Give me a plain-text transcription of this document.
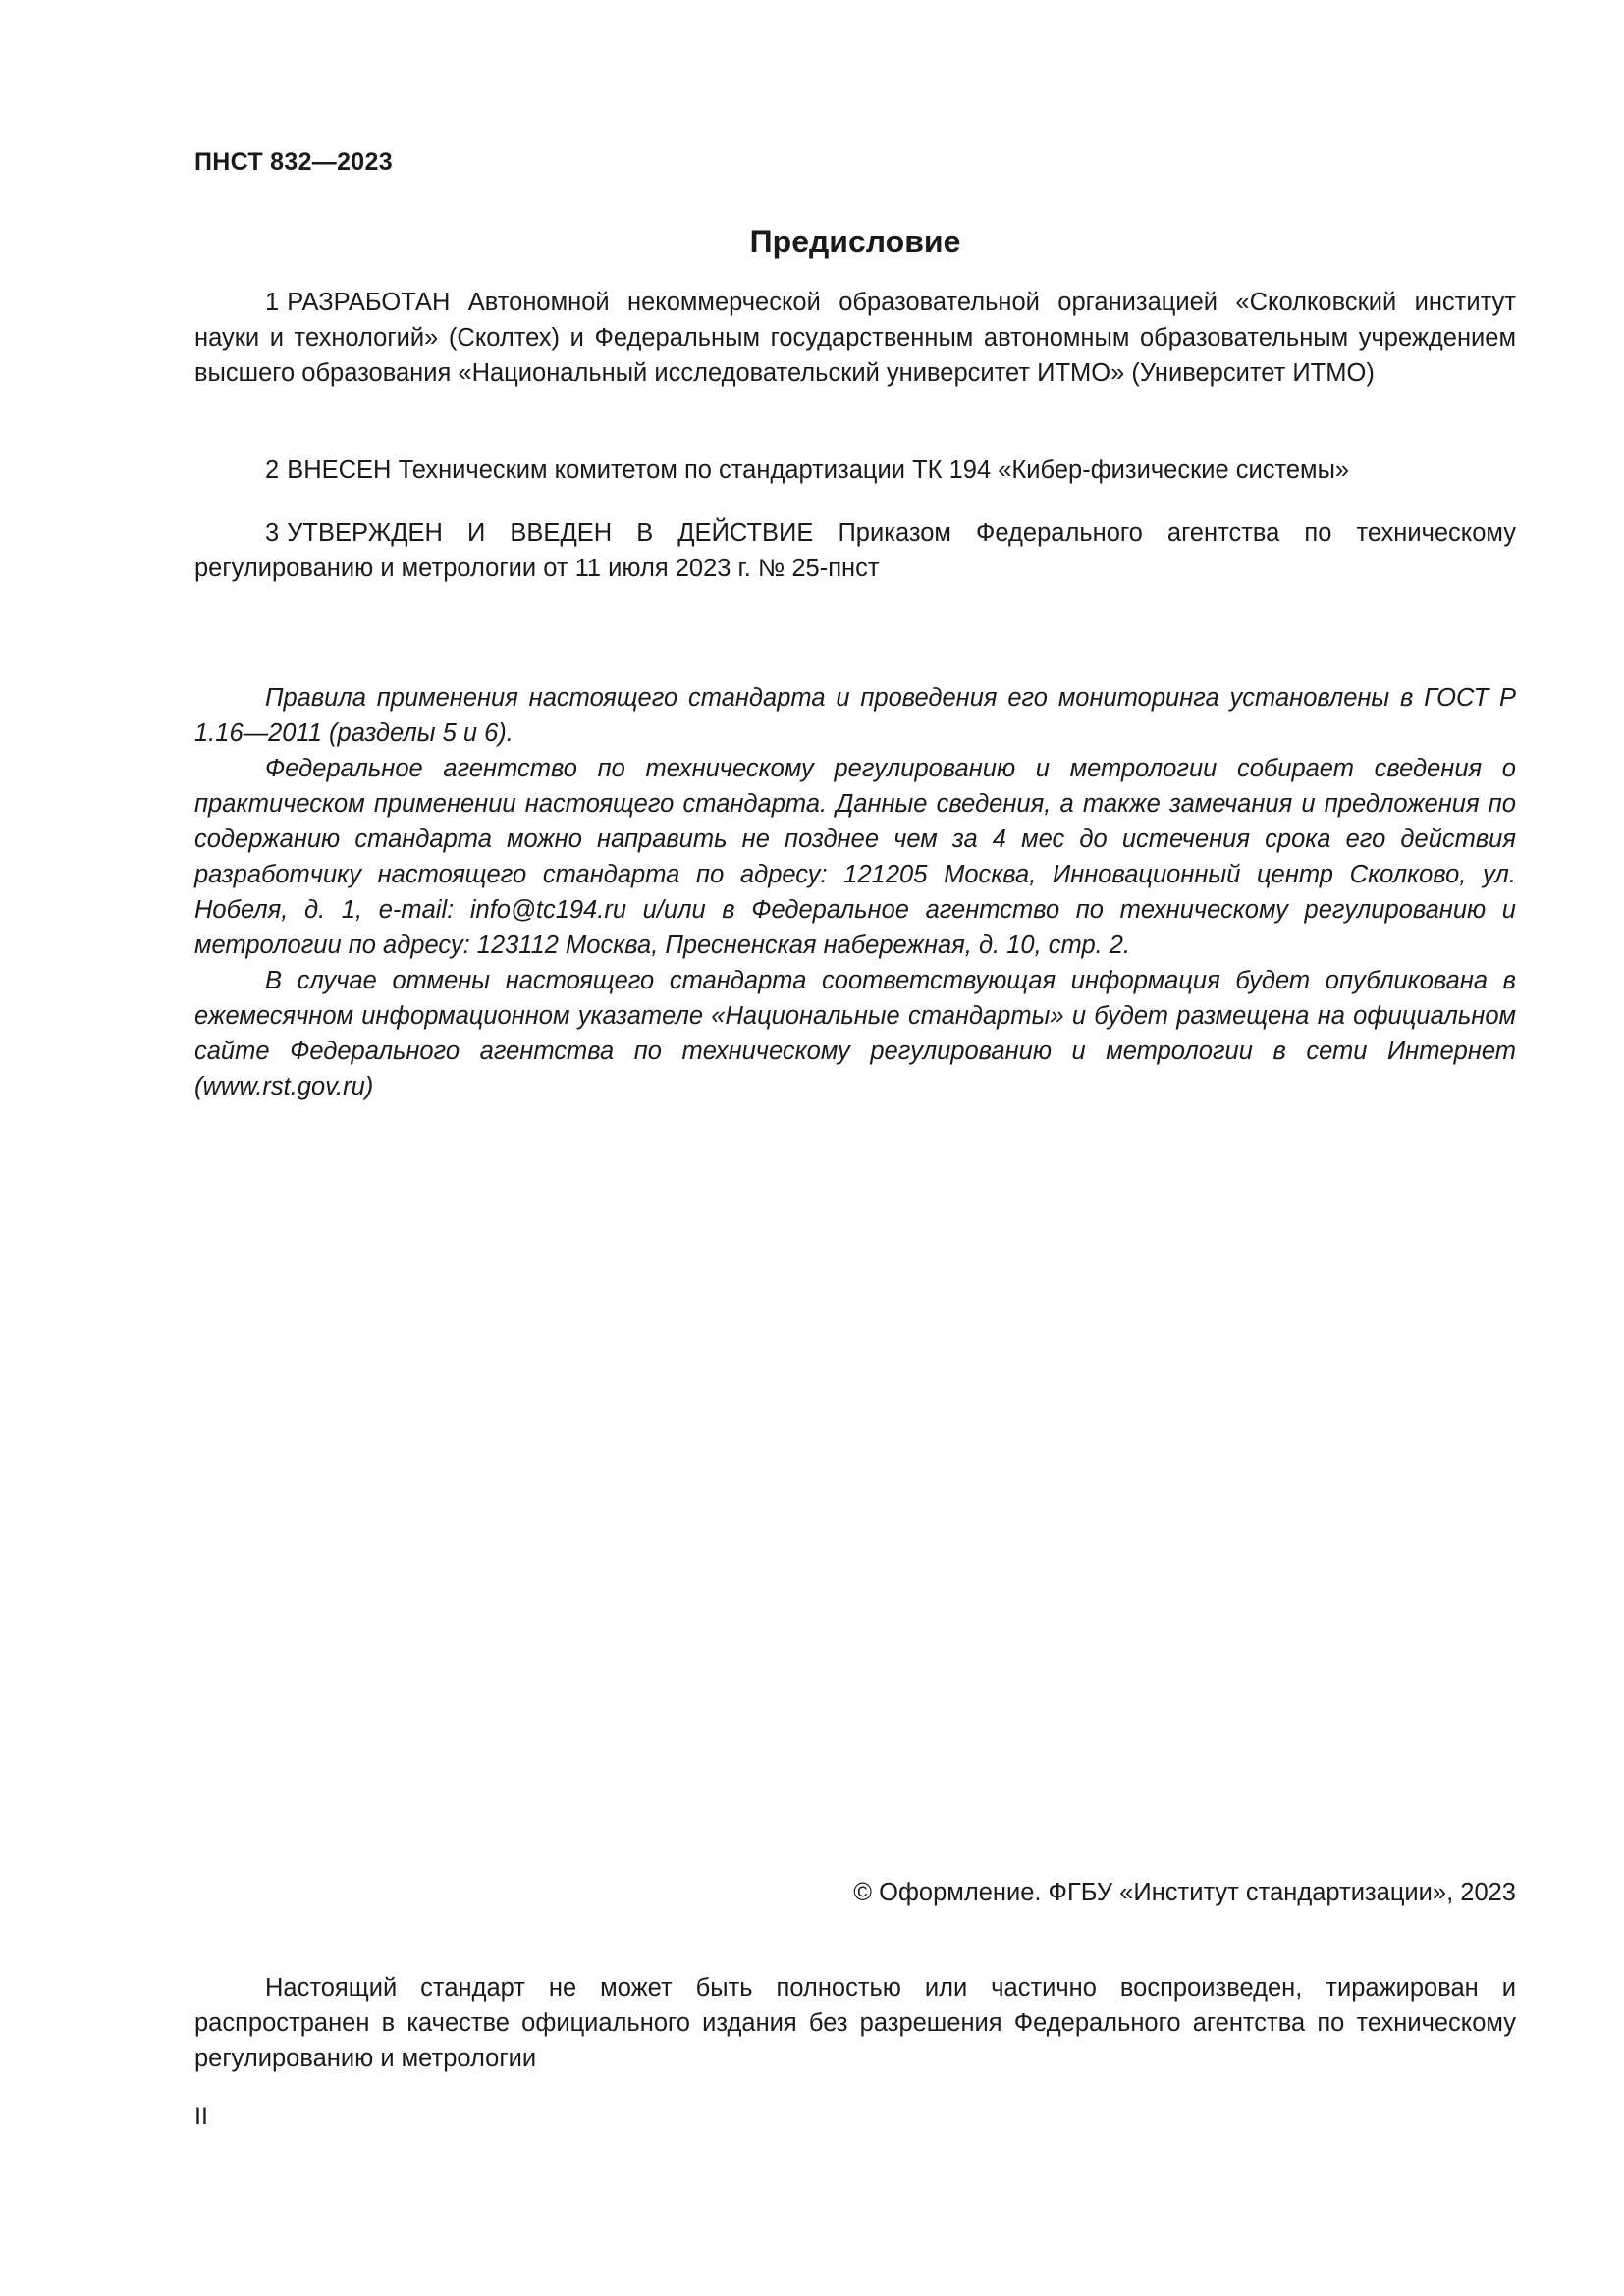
ПНСТ 832—2023
Предисловие

1 РАЗРАБОТАН Автономной некоммерческой образовательной организацией «Сколковский институт науки и технологий» (Сколтех) и Федеральным государственным автономным образовательным учреждением высшего образования «Национальный исследовательский университет ИТМО» (Университет ИТМО)

2 ВНЕСЕН Техническим комитетом по стандартизации ТК 194 «Кибер-физические системы»

3 УТВЕРЖДЕН И ВВЕДЕН В ДЕЙСТВИЕ Приказом Федерального агентства по техническому регулированию и метрологии от 11 июля 2023 г. № 25-пнст

Правила применения настоящего стандарта и проведения его мониторинга установлены в ГОСТ Р 1.16—2011 (разделы 5 и 6).

Федеральное агентство по техническому регулированию и метрологии собирает сведения о практическом применении настоящего стандарта. Данные сведения, а также замечания и предложения по содержанию стандарта можно направить не позднее чем за 4 мес до истечения срока его действия разработчику настоящего стандарта по адресу: 121205 Москва, Инновационный центр Сколково, ул. Нобеля, д. 1, e-mail: info@tc194.ru и/или в Федеральное агентство по техническому регулированию и метрологии по адресу: 123112 Москва, Пресненская набережная, д. 10, стр. 2.

В случае отмены настоящего стандарта соответствующая информация будет опубликована в ежемесячном информационном указателе «Национальные стандарты» и будет размещена на официальном сайте Федерального агентства по техническому регулированию и метрологии в сети Интернет (www.rst.gov.ru)

© Оформление. ФГБУ «Институт стандартизации», 2023

Настоящий стандарт не может быть полностью или частично воспроизведен, тиражирован и распространен в качестве официального издания без разрешения Федерального агентства по техническому регулированию и метрологии

II
